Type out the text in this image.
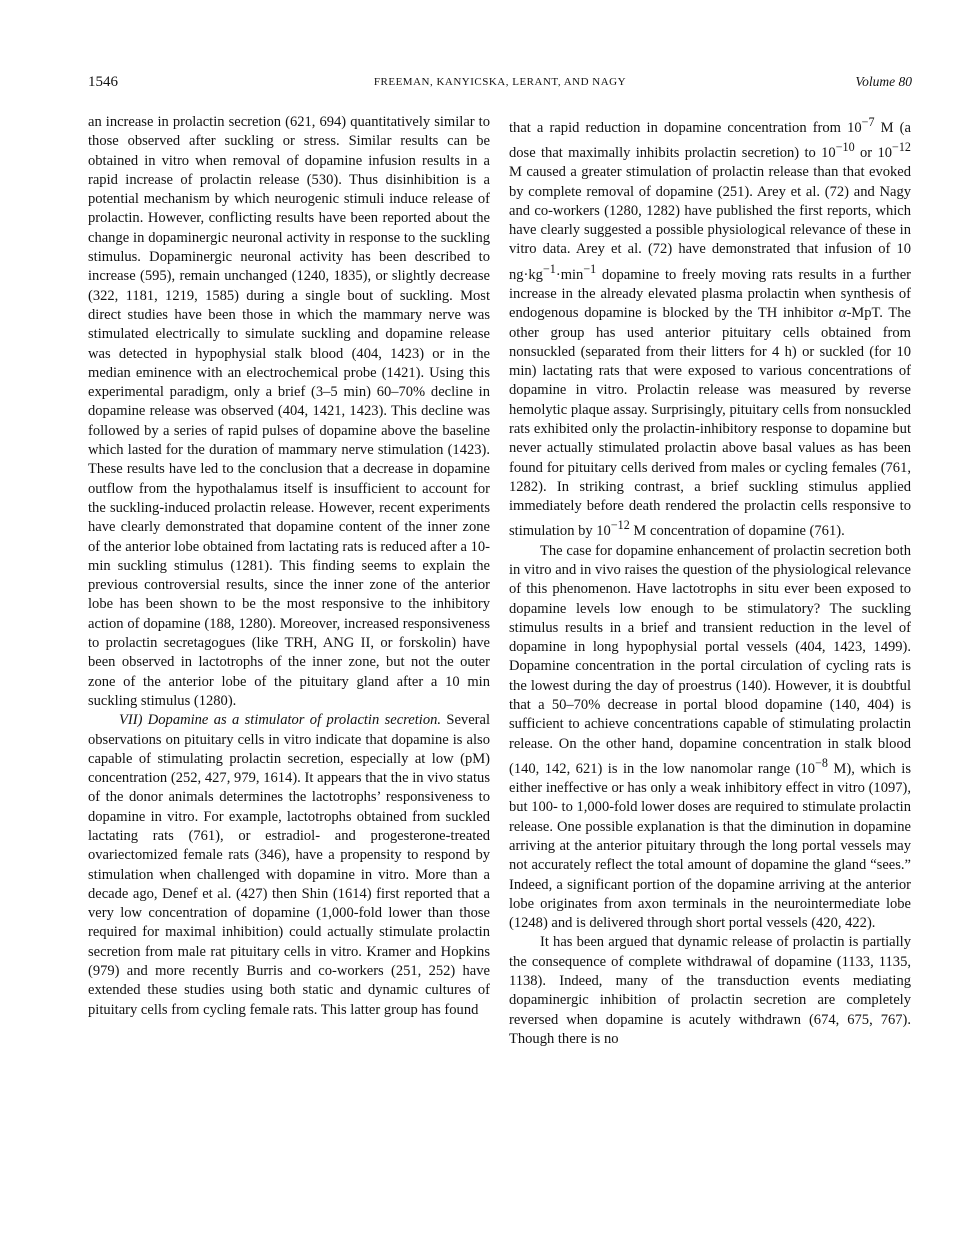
1546	FREEMAN, KANYICSKA, LERANT, AND NAGY	Volume 80

an increase in prolactin secretion (621, 694) quantitatively similar to those observed after suckling or stress. Similar results can be obtained in vitro when removal of dopamine infusion results in a rapid increase of prolactin release (530). Thus disinhibition is a potential mechanism by which neurogenic stimuli induce release of prolactin. However, conflicting results have been reported about the change in dopaminergic neuronal activity in response to the suckling stimulus. Dopaminergic neuronal activity has been described to increase (595), remain unchanged (1240, 1835), or slightly decrease (322, 1181, 1219, 1585) during a single bout of suckling. Most direct studies have been those in which the mammary nerve was stimulated electrically to simulate suckling and dopamine release was detected in hypophysial stalk blood (404, 1423) or in the median eminence with an electrochemical probe (1421). Using this experimental paradigm, only a brief (3–5 min) 60–70% decline in dopamine release was observed (404, 1421, 1423). This decline was followed by a series of rapid pulses of dopamine above the baseline which lasted for the duration of mammary nerve stimulation (1423). These results have led to the conclusion that a decrease in dopamine outflow from the hypothalamus itself is insufficient to account for the suckling-induced prolactin release. However, recent experiments have clearly demonstrated that dopamine content of the inner zone of the anterior lobe obtained from lactating rats is reduced after a 10-min suckling stimulus (1281). This finding seems to explain the previous controversial results, since the inner zone of the anterior lobe has been shown to be the most responsive to the inhibitory action of dopamine (188, 1280). Moreover, increased responsiveness to prolactin secretagogues (like TRH, ANG II, or forskolin) have been observed in lactotrophs of the inner zone, but not the outer zone of the anterior lobe of the pituitary gland after a 10 min suckling stimulus (1280).

VII) Dopamine as a stimulator of prolactin secretion. Several observations on pituitary cells in vitro indicate that dopamine is also capable of stimulating prolactin secretion, especially at low (pM) concentration (252, 427, 979, 1614). It appears that the in vivo status of the donor animals determines the lactotrophs’ responsiveness to dopamine in vitro. For example, lactotrophs obtained from suckled lactating rats (761), or estradiol- and progesterone-treated ovariectomized female rats (346), have a propensity to respond by stimulation when challenged with dopamine in vitro. More than a decade ago, Denef et al. (427) then Shin (1614) first reported that a very low concentration of dopamine (1,000-fold lower than those required for maximal inhibition) could actually stimulate prolactin secretion from male rat pituitary cells in vitro. Kramer and Hopkins (979) and more recently Burris and co-workers (251, 252) have extended these studies using both static and dynamic cultures of pituitary cells from cycling female rats. This latter group has found

that a rapid reduction in dopamine concentration from $10^{-7}$ M (a dose that maximally inhibits prolactin secretion) to $10^{-10}$ or $10^{-12}$ M caused a greater stimulation of prolactin release than that evoked by complete removal of dopamine (251). Arey et al. (72) and Nagy and co-workers (1280, 1282) have published the first reports, which have clearly suggested a possible physiological relevance of these in vitro data. Arey et al. (72) have demonstrated that infusion of 10 $ng\cdot kg^{-1}\cdot\min^{-1}$ dopamine to freely moving rats results in a further increase in the already elevated plasma prolactin when synthesis of endogenous dopamine is blocked by the TH inhibitor α-MpT. The other group has used anterior pituitary cells obtained from nonsuckled (separated from their litters for 4 h) or suckled (for 10 min) lactating rats that were exposed to various concentrations of dopamine in vitro. Prolactin release was measured by reverse hemolytic plaque assay. Surprisingly, pituitary cells from nonsuckled rats exhibited only the prolactin-inhibitory response to dopamine but never actually stimulated prolactin above basal values as has been found for pituitary cells derived from males or cycling females (761, 1282). In striking contrast, a brief suckling stimulus applied immediately before death rendered the prolactin cells responsive to stimulation by $10^{-12}$ M concentration of dopamine (761).

The case for dopamine enhancement of prolactin secretion both in vitro and in vivo raises the question of the physiological relevance of this phenomenon. Have lactotrophs in situ ever been exposed to dopamine levels low enough to be stimulatory? The suckling stimulus results in a brief and transient reduction in the level of dopamine in long hypophysial portal vessels (404, 1423, 1499). Dopamine concentration in the portal circulation of cycling rats is the lowest during the day of proestrus (140). However, it is doubtful that a 50–70% decrease in portal blood dopamine (140, 404) is sufficient to achieve concentrations capable of stimulating prolactin release. On the other hand, dopamine concentration in stalk blood (140, 142, 621) is in the low nanomolar range ($10^{-8}$ M), which is either ineffective or has only a weak inhibitory effect in vitro (1097), but 100- to 1,000-fold lower doses are required to stimulate prolactin release. One possible explanation is that the diminution in dopamine arriving at the anterior pituitary through the long portal vessels may not accurately reflect the total amount of dopamine the gland “sees.” Indeed, a significant portion of the dopamine arriving at the anterior lobe originates from axon terminals in the neurointermediate lobe (1248) and is delivered through short portal vessels (420, 422).

It has been argued that dynamic release of prolactin is partially the consequence of complete withdrawal of dopamine (1133, 1135, 1138). Indeed, many of the transduction events mediating dopaminergic inhibition of prolactin secretion are completely reversed when dopamine is acutely withdrawn (674, 675, 767). Though there is no
